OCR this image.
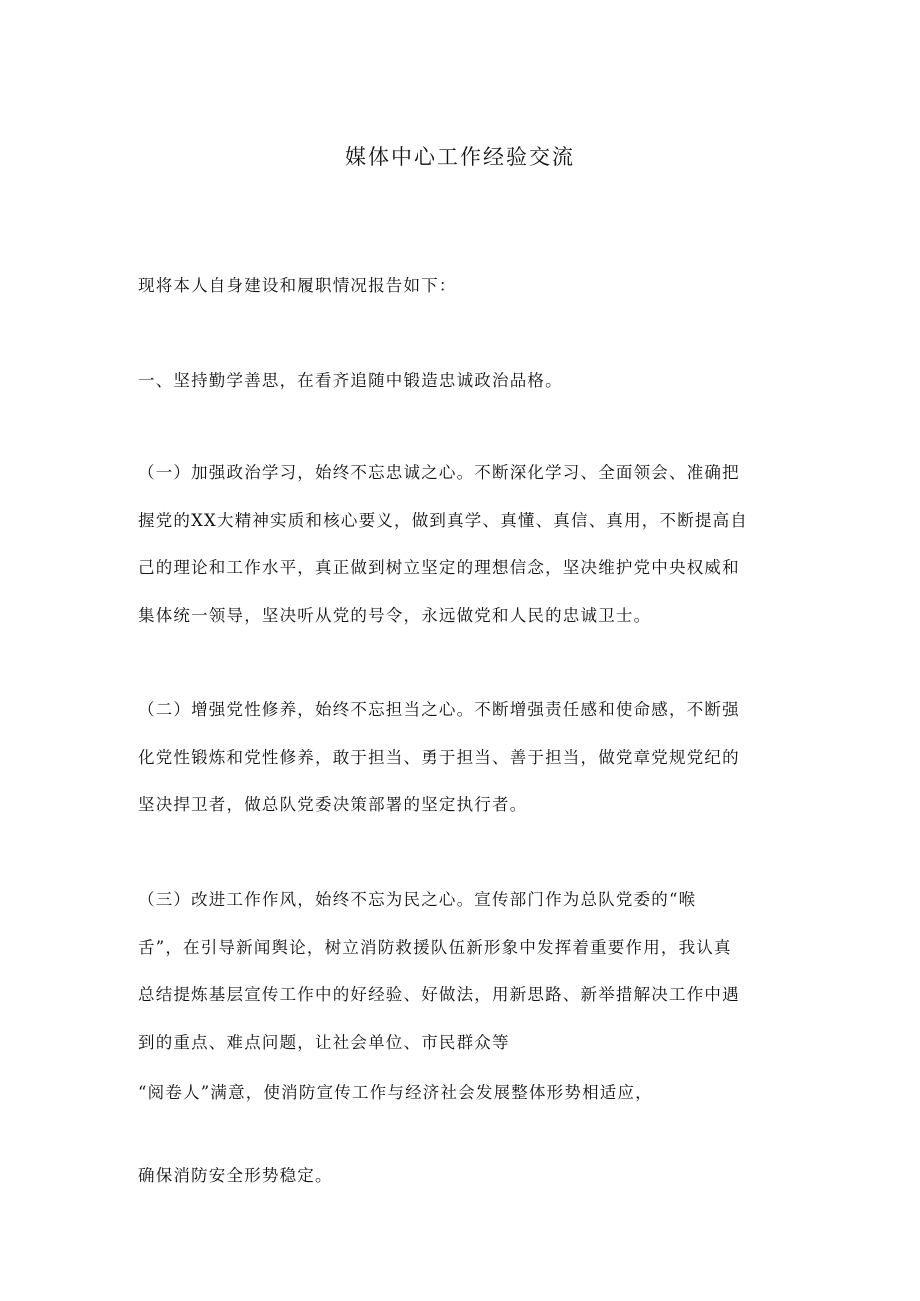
媒体中心工作经验交流

现将本人自身建设和履职情况报告如下：

一、坚持勤学善思，在看齐追随中锻造忠诚政治品格。

（一）加强政治学习，始终不忘忠诚之心。不断深化学习、全面领会、准确把
握党的XX大精神实质和核心要义，做到真学、真懂、真信、真用，不断提高自
己的理论和工作水平，真正做到树立坚定的理想信念，坚决维护党中央权威和
集体统一领导，坚决听从党的号令，永远做党和人民的忠诚卫士。

（二）增强党性修养，始终不忘担当之心。不断增强责任感和使命感，不断强
化党性锻炼和党性修养，敢于担当、勇于担当、善于担当，做党章党规党纪的
坚决捍卫者，做总队党委决策部署的坚定执行者。

（三）改进工作作风，始终不忘为民之心。宣传部门作为总队党委的“喉
舌”，在引导新闻舆论，树立消防救援队伍新形象中发挥着重要作用，我认真
总结提炼基层宣传工作中的好经验、好做法，用新思路、新举措解决工作中遇
到的重点、难点问题，让社会单位、市民群众等

“阅卷人”满意，使消防宣传工作与经济社会发展整体形势相适应，

确保消防安全形势稳定。
